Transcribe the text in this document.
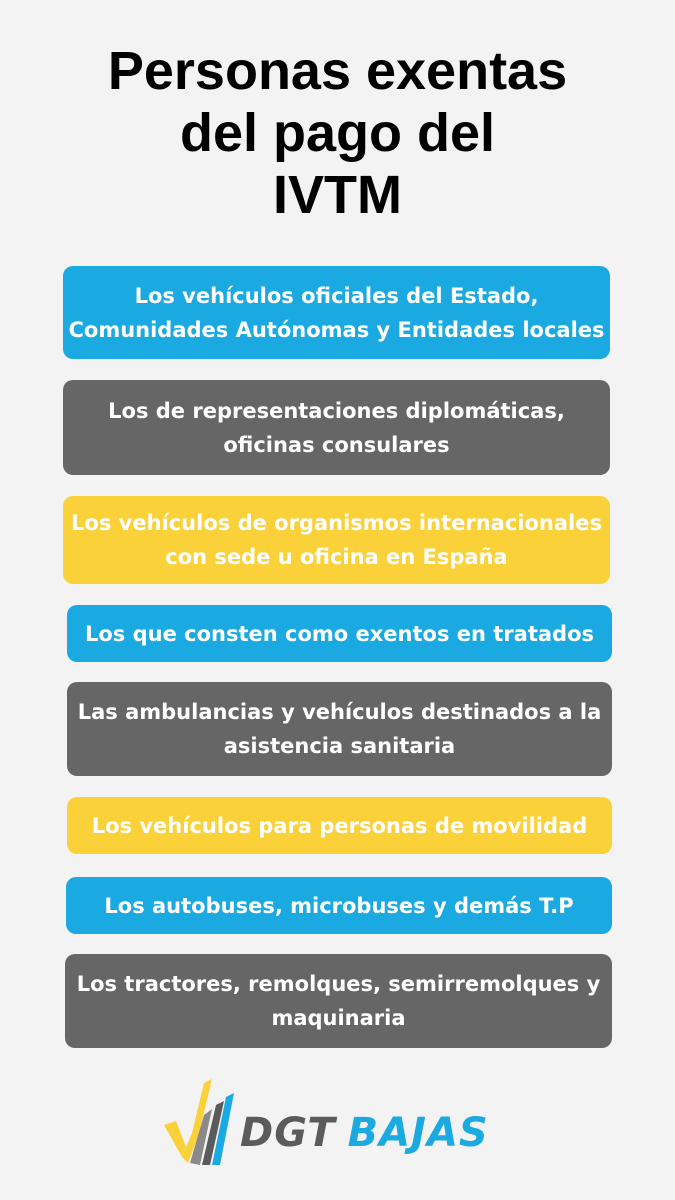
Personas exentas
del pago del
IVTM
Los vehículos oficiales del Estado,
Comunidades Autónomas y Entidades locales
Los de representaciones diplomáticas,
oficinas consulares
Los vehículos de organismos internacionales
con sede u oficina en España
Los que consten como exentos en tratados
Las ambulancias y vehículos destinados a la
asistencia sanitaria
Los vehículos para personas de movilidad
Los autobuses, microbuses y demás T.P
Los tractores, remolques, semirremolques y
maquinaria
DGT BAJAS
